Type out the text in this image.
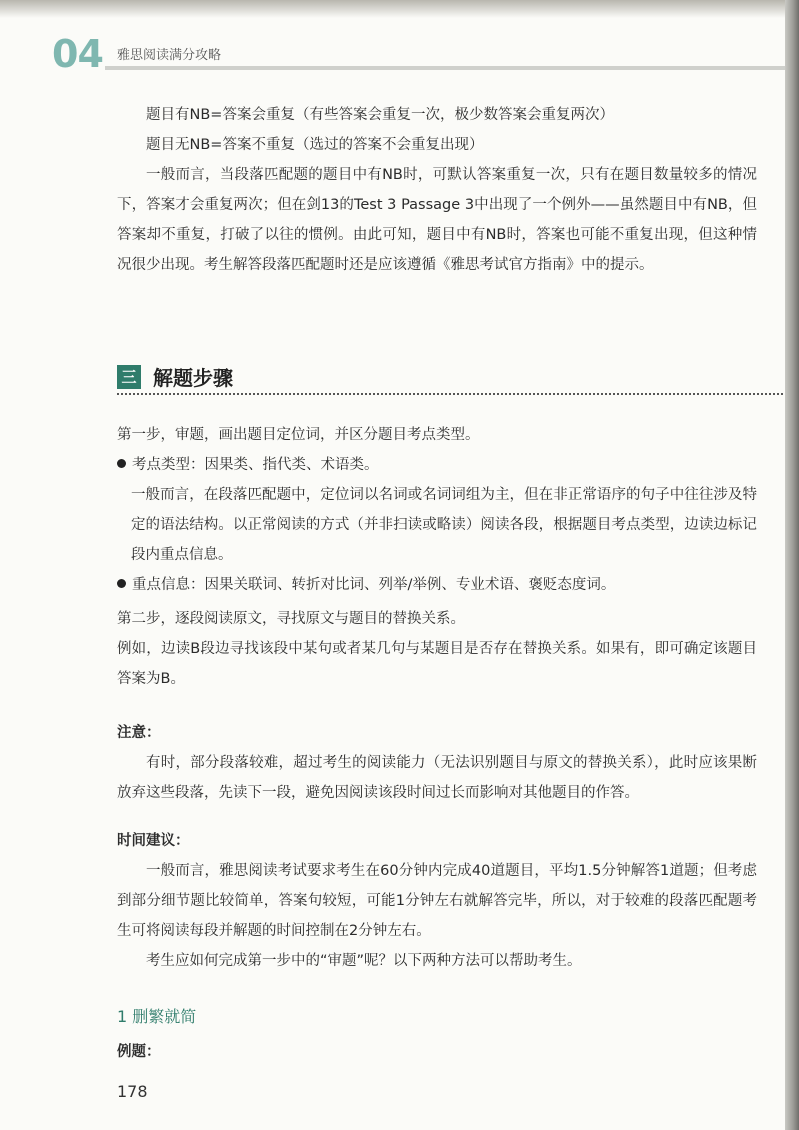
04 雅思阅读满分攻略

题目有NB=答案会重复（有些答案会重复一次，极少数答案会重复两次）

题目无NB=答案不重复（选过的答案不会重复出现）

一般而言，当段落匹配题的题目中有NB时，可默认答案重复一次，只有在题目数量较多的情况下，答案才会重复两次；但在剑13的Test 3 Passage 3中出现了一个例外——虽然题目中有NB，但答案却不重复，打破了以往的惯例。由此可知，题目中有NB时，答案也可能不重复出现，但这种情况很少出现。考生解答段落匹配题时还是应该遵循《雅思考试官方指南》中的提示。

三 解题步骤

第一步，审题，画出题目定位词，并区分题目考点类型。

考点类型：因果类、指代类、术语类。

一般而言，在段落匹配题中，定位词以名词或名词词组为主，但在非正常语序的句子中往往涉及特定的语法结构。以正常阅读的方式（并非扫读或略读）阅读各段，根据题目考点类型，边读边标记段内重点信息。

重点信息：因果关联词、转折对比词、列举/举例、专业术语、褒贬态度词。

第二步，逐段阅读原文，寻找原文与题目的替换关系。

例如，边读B段边寻找该段中某句或者某几句与某题目是否存在替换关系。如果有，即可确定该题目答案为B。

注意：

有时，部分段落较难，超过考生的阅读能力（无法识别题目与原文的替换关系），此时应该果断放弃这些段落，先读下一段，避免因阅读该段时间过长而影响对其他题目的作答。

时间建议：

一般而言，雅思阅读考试要求考生在60分钟内完成40道题目，平均1.5分钟解答1道题；但考虑到部分细节题比较简单，答案句较短，可能1分钟左右就解答完毕，所以，对于较难的段落匹配题考生可将阅读每段并解题的时间控制在2分钟左右。

考生应如何完成第一步中的“审题”呢？以下两种方法可以帮助考生。

1 删繁就简
例题：
178
